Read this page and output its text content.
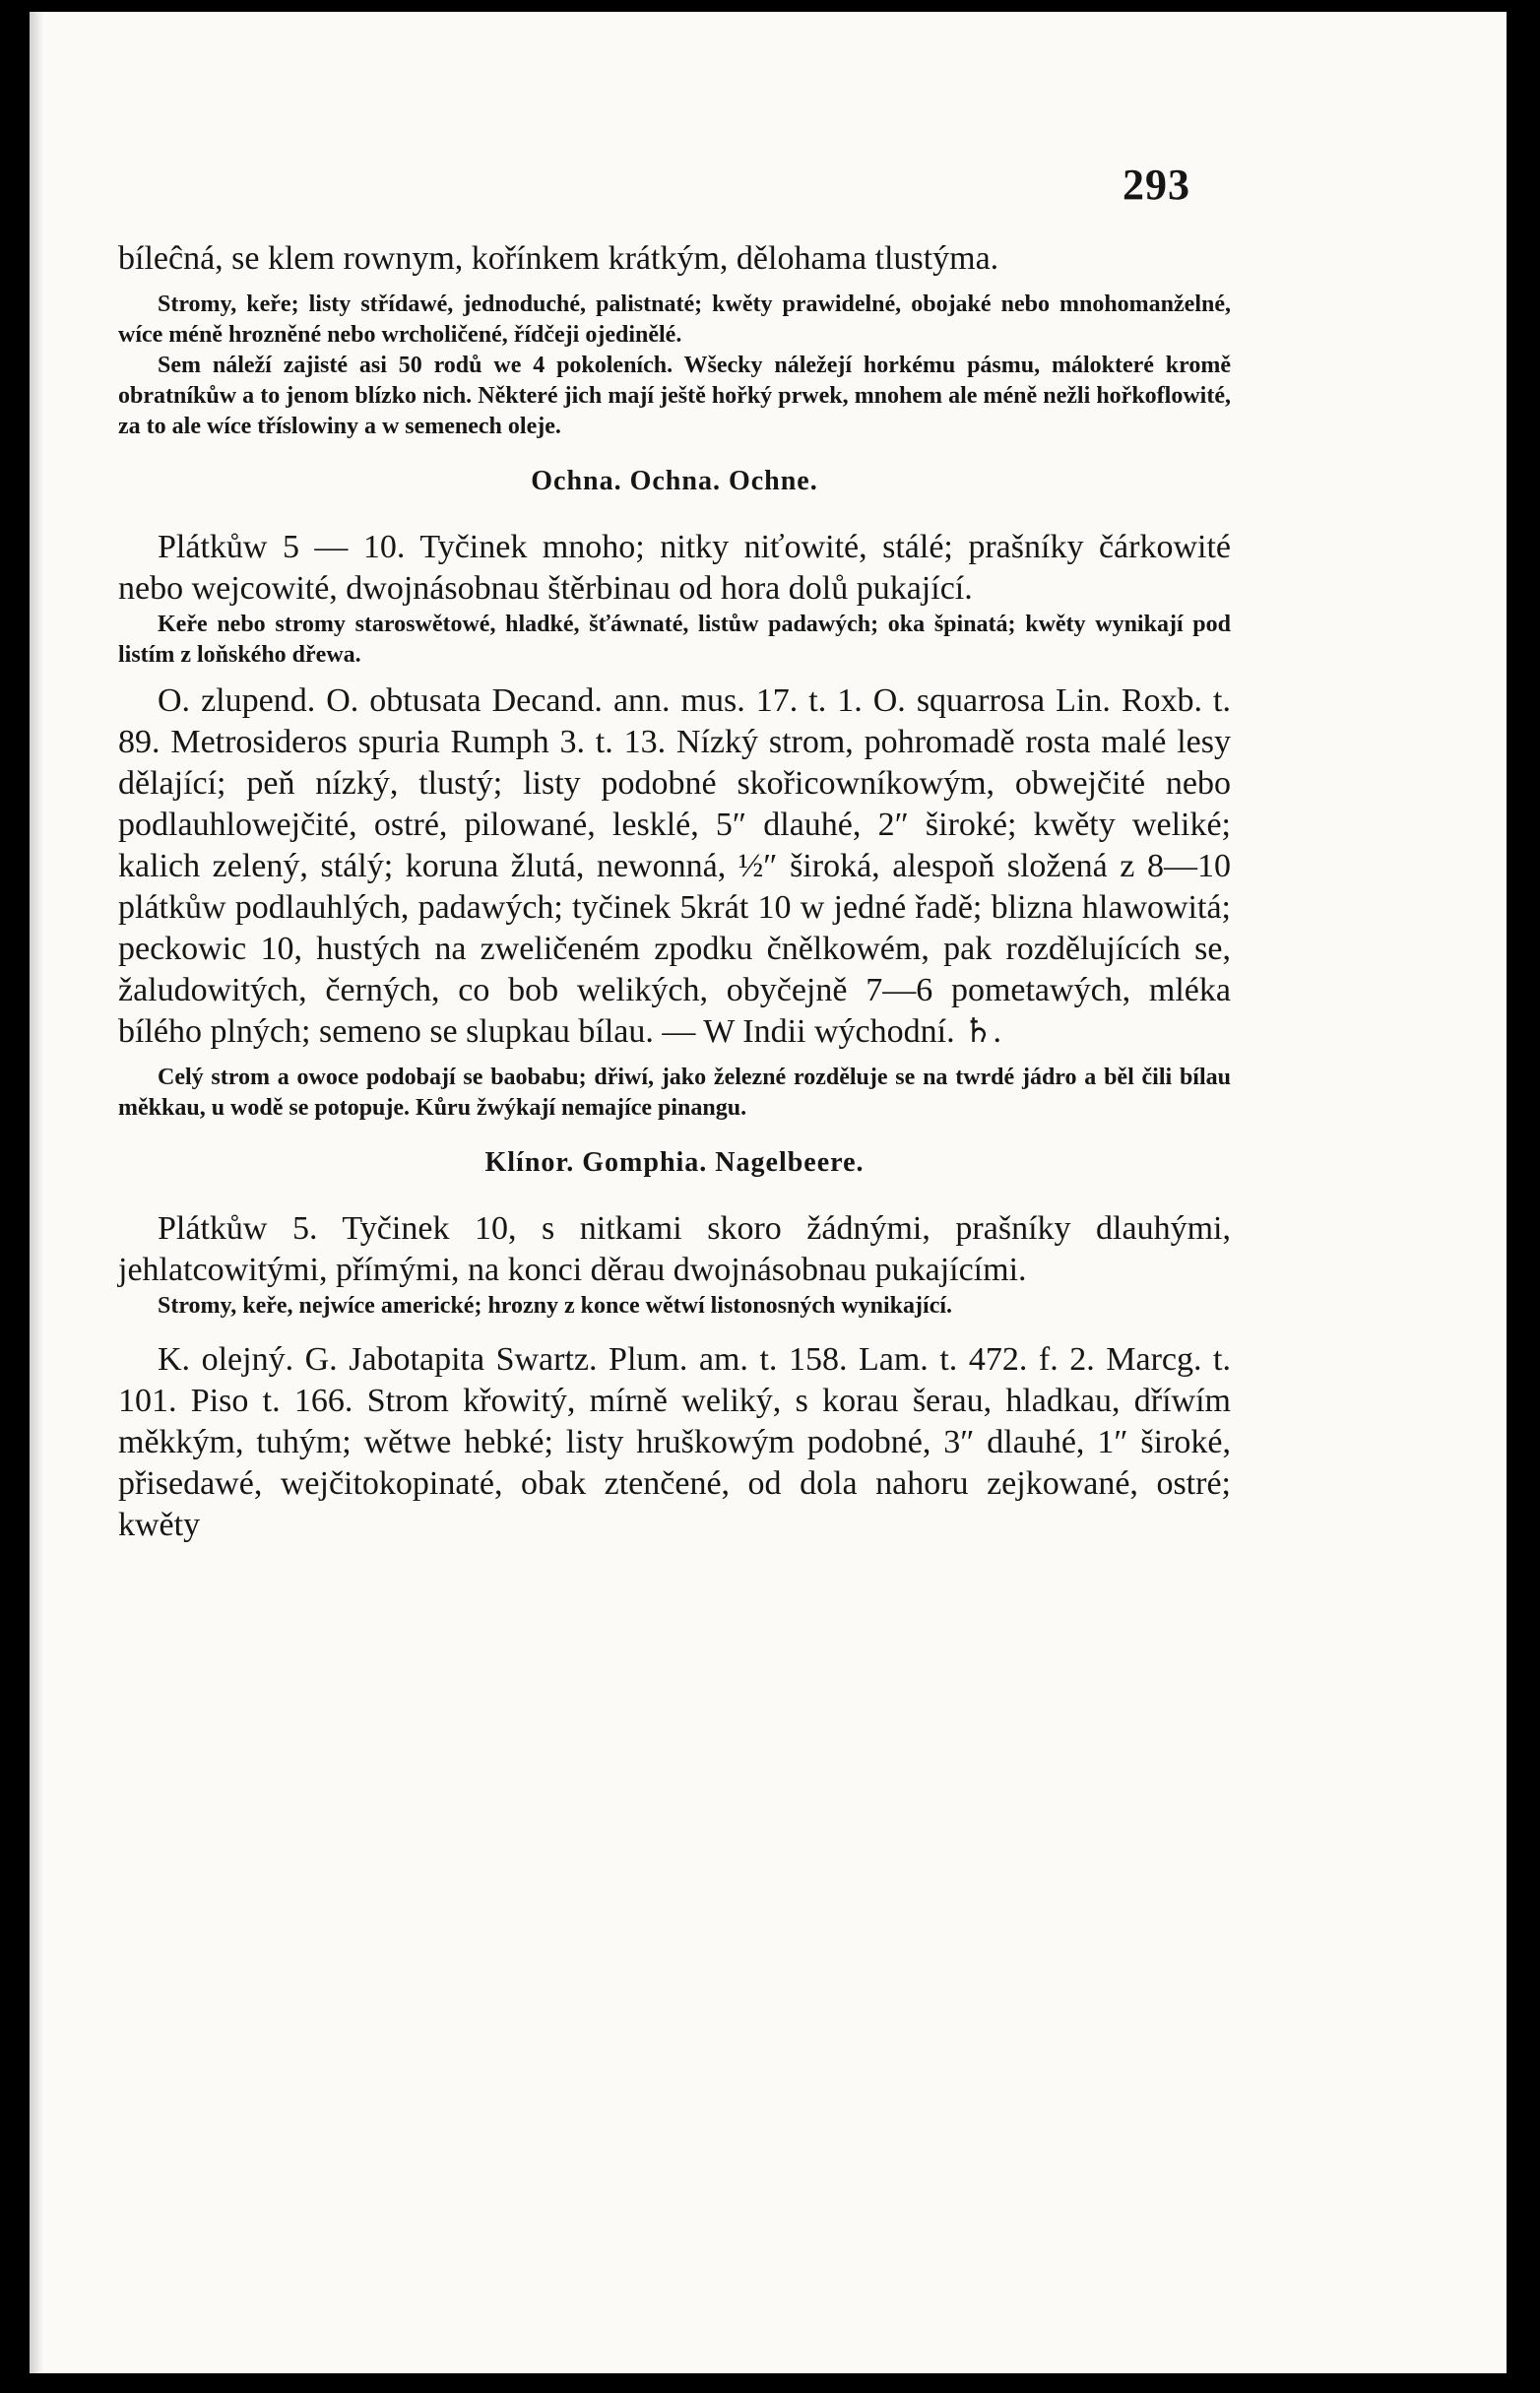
293

bíleĉná, se klem rownym, kořínkem krátkým, dělohama tlustýma.

Stromy, keře; listy střídawé, jednoduché, palistnaté; kwěty prawidelné, obojaké nebo mnohomanželné, wíce méně hrozněné nebo wrcholičené, řídčeji ojedinělé.

Sem náleží zajisté asi 50 rodů we 4 pokoleních. Wšecky náležejí horkému pásmu, málokteré kromě obratníkůw a to jenom blízko nich. Některé jich mají ještě hořký prwek, mnohem ale méně nežli hořkoflowité, za to ale wíce tříslowiny a w semenech oleje.

Ochna. Ochna. Ochne.

Plátkůw 5 — 10. Tyčinek mnoho; nitky niťowité, stálé; prašníky čárkowité nebo wejcowité, dwojnásobnau štěrbinau od hora dolů pukající.

Keře nebo stromy staroswětowé, hladké, šťáwnaté, listůw padawých; oka špinatá; kwěty wynikají pod listím z loňského dřewa.

O. zlupend. O. obtusata Decand. ann. mus. 17. t. 1. O. squarrosa Lin. Roxb. t. 89. Metrosideros spuria Rumph 3. t. 13. Nízký strom, pohromadě rosta malé lesy dělající; peň nízký, tlustý; listy podobné skořicowníkowým, obwejčité nebo podlauhlowejčité, ostré, pilowané, lesklé, 5″ dlauhé, 2″ široké; kwěty weliké; kalich zelený, stálý; koruna žlutá, newonná, ½″ široká, alespoň složená z 8—10 plátkůw podlauhlých, padawých; tyčinek 5krát 10 w jedné řadě; blizna hlawowitá; peckowic 10, hustých na zweličeném zpodku čnělkowém, pak rozdělujících se, žaludowitých, černých, co bob welikých, obyčejně 7—6 pometawých, mléka bílého plných; semeno se slupkau bílau. — W Indii wýchodní. ♄.

Celý strom a owoce podobají se baobabu; dřiwí, jako železné rozděluje se na twrdé jádro a běl čili bílau měkkau, u wodě se potopuje. Kůru žwýkají nemajíce pinangu.

Klínor. Gomphia. Nagelbeere.

Plátkůw 5. Tyčinek 10, s nitkami skoro žádnými, prašníky dlauhými, jehlatcowitými, přímými, na konci děrau dwojnásobnau pukajícími.

Stromy, keře, nejwíce americké; hrozny z konce wětwí listonosných wynikající.

K. olejný. G. Jabotapita Swartz. Plum. am. t. 158. Lam. t. 472. f. 2. Marcg. t. 101. Piso t. 166. Strom křowitý, mírně weliký, s korau šerau, hladkau, dříwím měkkým, tuhým; wětwe hebké; listy hruškowým podobné, 3″ dlauhé, 1″ široké, přisedawé, wejčitokopinaté, obak ztenčené, od dola nahoru zejkowané, ostré; kwěty
